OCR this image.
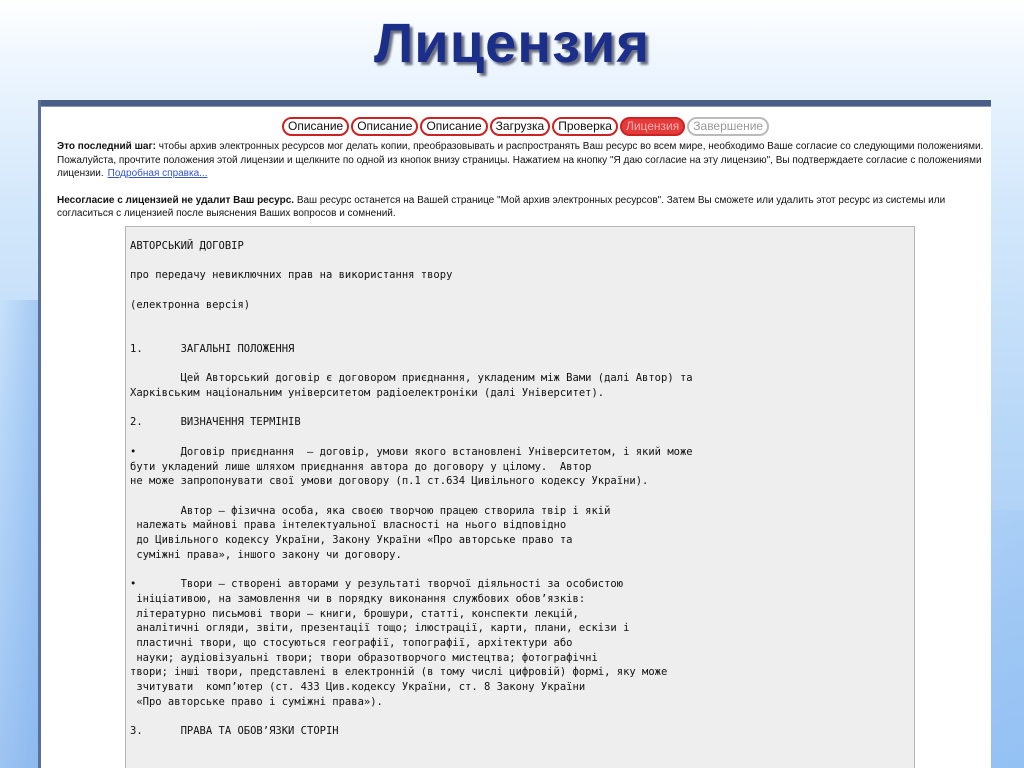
Лицензия
Описание	Описание	Описание	Загрузка	Проверка	Лицензия	Завершение

Это последний шаг: чтобы архив электронных ресурсов мог делать копии, преобразовывать и распространять Ваш ресурс во всем мире, необходимо Ваше согласие со следующими положениями. Пожалуйста, прочтите положения этой лицензии и щелкните по одной из кнопок внизу страницы. Нажатием на кнопку "Я даю согласие на эту лицензию", Вы подтверждаете согласие с положениями лицензии. Подробная справка...

Несогласие с лицензией не удалит Ваш ресурс. Ваш ресурс останется на Вашей странице "Мой архив электронных ресурсов". Затем Вы сможете или удалить этот ресурс из системы или согласиться с лицензией после выяснения Ваших вопросов и сомнений.

АВТОРСЬКИЙ ДОГОВІР

про передачу невиключних прав на використання твору

(електронна версія)

1.      ЗАГАЛЬНІ ПОЛОЖЕННЯ

Цей Авторський договір є договором приєднання, укладеним між Вами (далі Автор) та
Харківським національним університетом радіоелектроніки (далі Університет).

2.      ВИЗНАЧЕННЯ ТЕРМІНІВ

•       Договір приєднання  – договір, умови якого встановлені Університетом, і який може
бути укладений лише шляхом приєднання автора до договору у цілому.  Автор
не може запропонувати свої умови договору (п.1 ст.634 Цивільного кодексу України).

Автор – фізична особа, яка своєю творчою працею створила твір і якій
належать майнові права інтелектуальної власності на нього відповідно
до Цивільного кодексу України, Закону України «Про авторське право та
суміжні права», іншого закону чи договору.

•       Твори – створені авторами у результаті творчої діяльності за особистою
ініціативою, на замовлення чи в порядку виконання службових обов’язків:
літературно письмові твори – книги, брошури, статті, конспекти лекцій,
аналітичні огляди, звіти, презентації тощо; ілюстрації, карти, плани, ескізи і
пластичні твори, що стосуються географії, топографії, архітектури або
науки; аудіовізуальні твори; твори образотворчого мистецтва; фотографічні
твори; інші твори, представлені в електронній (в тому числі цифровій) формі, яку може
зчитувати  комп’ютер (ст. 433 Цив.кодексу України, ст. 8 Закону України
«Про авторське право і суміжні права»).

3.      ПРАВА ТА ОБОВ’ЯЗКИ СТОРІН
